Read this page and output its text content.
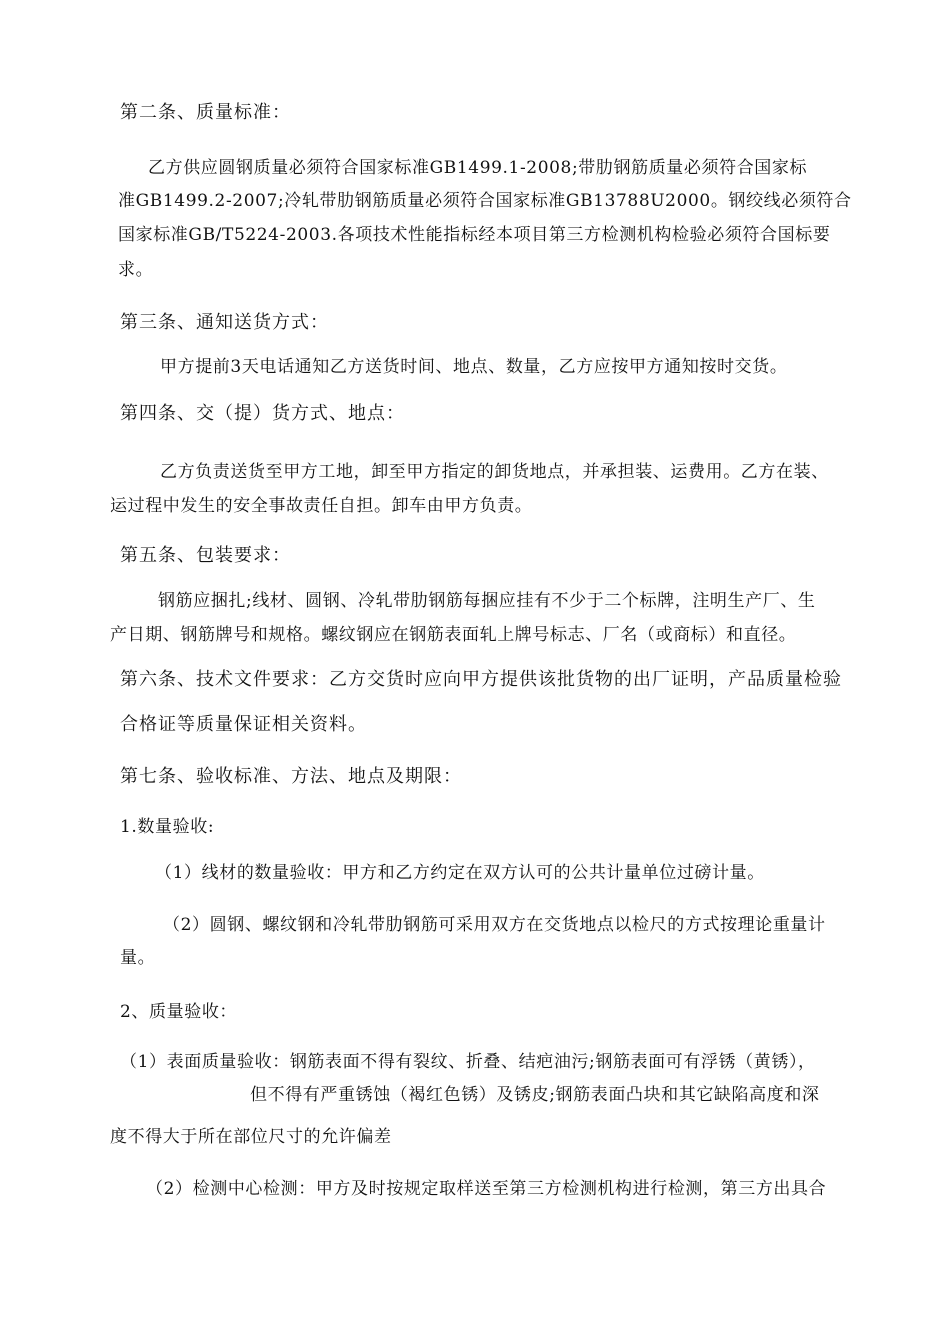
第二条、质量标准：
乙方供应圆钢质量必须符合国家标准GB1499.1-2008;带肋钢筋质量必须符合国家标
准GB1499.2-2007;冷轧带肋钢筋质量必须符合国家标准GB13788U2000。钢绞线必须符合
国家标准GB/T5224-2003.各项技术性能指标经本项目第三方检测机构检验必须符合国标要
求。
第三条、通知送货方式：
甲方提前3天电话通知乙方送货时间、地点、数量，乙方应按甲方通知按时交货。
第四条、交（提）货方式、地点：
乙方负责送货至甲方工地，卸至甲方指定的卸货地点，并承担装、运费用。乙方在装、
运过程中发生的安全事故责任自担。卸车由甲方负责。
第五条、包装要求：
钢筋应捆扎;线材、圆钢、冷轧带肋钢筋每捆应挂有不少于二个标牌，注明生产厂、生
产日期、钢筋牌号和规格。螺纹钢应在钢筋表面轧上牌号标志、厂名（或商标）和直径。
第六条、技术文件要求：乙方交货时应向甲方提供该批货物的出厂证明，产品质量检验
合格证等质量保证相关资料。
第七条、验收标准、方法、地点及期限：
1.数量验收:
（1）线材的数量验收：甲方和乙方约定在双方认可的公共计量单位过磅计量。
（2）圆钢、螺纹钢和冷轧带肋钢筋可采用双方在交货地点以检尺的方式按理论重量计
量。
2、质量验收：
（1）表面质量验收：钢筋表面不得有裂纹、折叠、结疤油污;钢筋表面可有浮锈（黄锈），
但不得有严重锈蚀（褐红色锈）及锈皮;钢筋表面凸块和其它缺陷高度和深
度不得大于所在部位尺寸的允许偏差
（2）检测中心检测：甲方及时按规定取样送至第三方检测机构进行检测，第三方出具合
